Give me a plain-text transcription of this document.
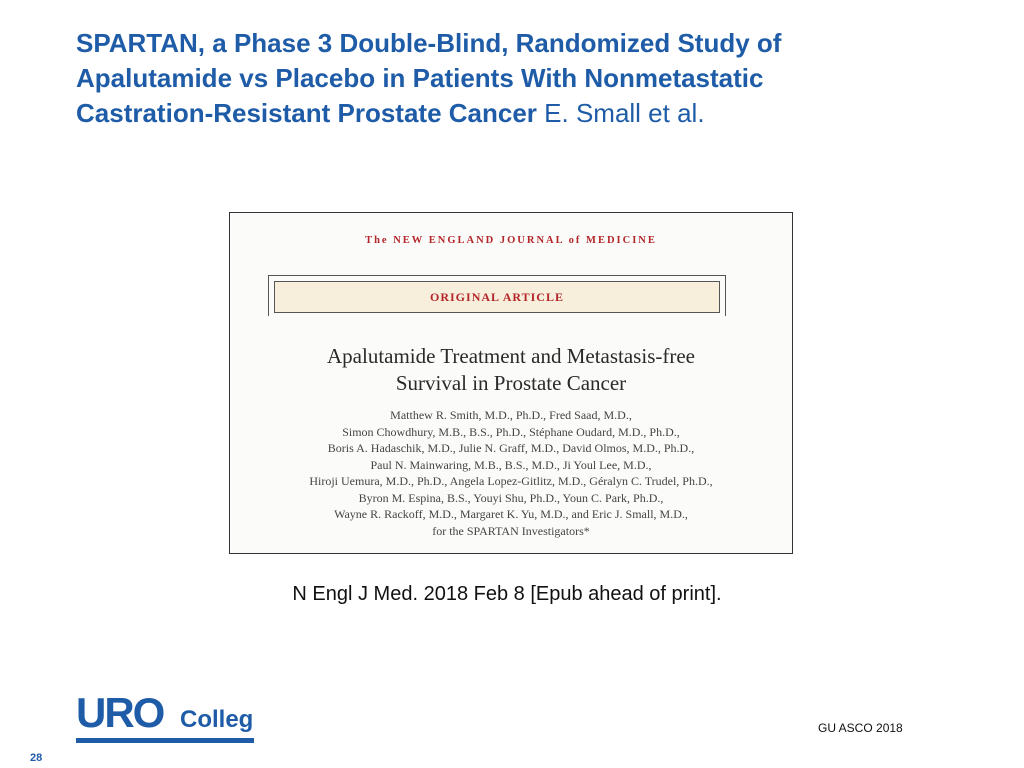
SPARTAN, a Phase 3 Double-Blind, Randomized Study of
Apalutamide vs Placebo in Patients With Nonmetastatic
Castration-Resistant Prostate Cancer E. Small et al.
The NEW ENGLAND JOURNAL of MEDICINE
ORIGINAL ARTICLE
Apalutamide Treatment and Metastasis-free
Survival in Prostate Cancer
Matthew R. Smith, M.D., Ph.D., Fred Saad, M.D.,
Simon Chowdhury, M.B., B.S., Ph.D., Stéphane Oudard, M.D., Ph.D.,
Boris A. Hadaschik, M.D., Julie N. Graff, M.D., David Olmos, M.D., Ph.D.,
Paul N. Mainwaring, M.B., B.S., M.D., Ji Youl Lee, M.D.,
Hiroji Uemura, M.D., Ph.D., Angela Lopez-Gitlitz, M.D., Géralyn C. Trudel, Ph.D.,
Byron M. Espina, B.S., Youyi Shu, Ph.D., Youn C. Park, Ph.D.,
Wayne R. Rackoff, M.D., Margaret K. Yu, M.D., and Eric J. Small, M.D.,
for the SPARTAN Investigators*
N Engl J Med. 2018 Feb 8 [Epub ahead of print].
URO Colleg	GU ASCO 2018
28
